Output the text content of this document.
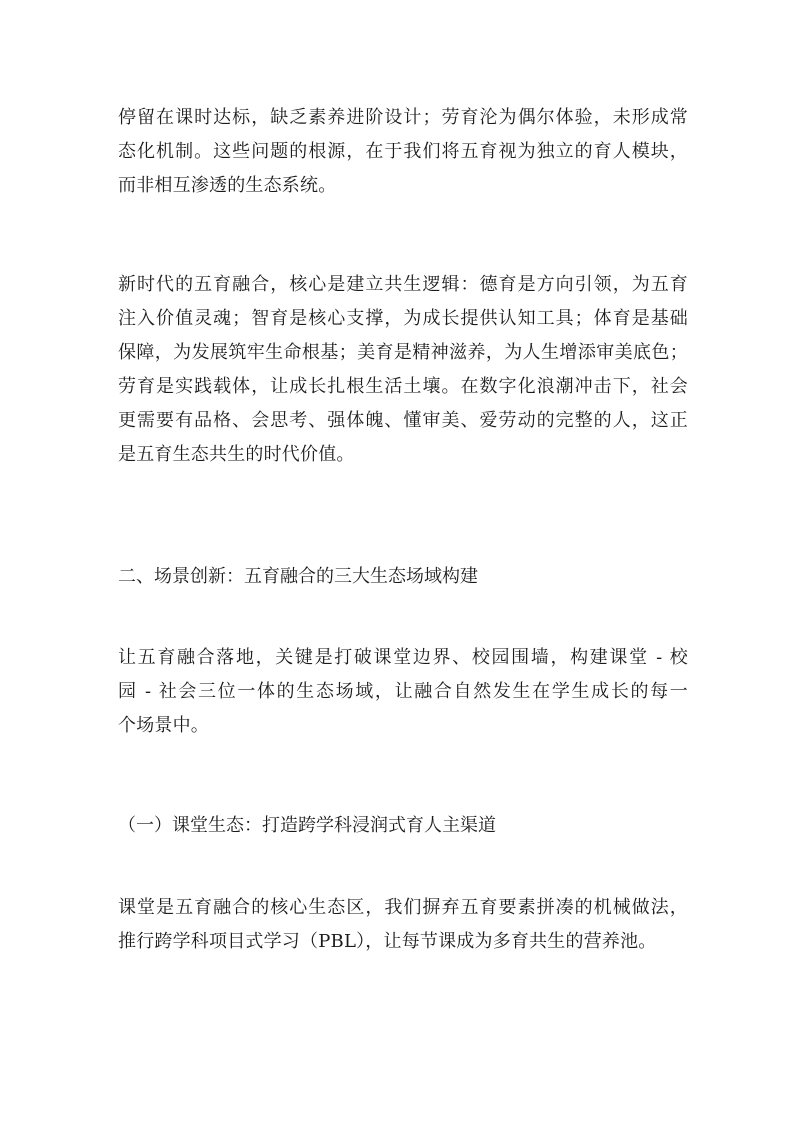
停留在课时达标，缺乏素养进阶设计；劳育沦为偶尔体验，未形成常
态化机制。这些问题的根源，在于我们将五育视为独立的育人模块，
而非相互渗透的生态系统。

新时代的五育融合，核心是建立共生逻辑：德育是方向引领，为五育
注入价值灵魂；智育是核心支撑，为成长提供认知工具；体育是基础
保障，为发展筑牢生命根基；美育是精神滋养，为人生增添审美底色；
劳育是实践载体，让成长扎根生活土壤。在数字化浪潮冲击下，社会
更需要有品格、会思考、强体魄、懂审美、爱劳动的完整的人，这正
是五育生态共生的时代价值。

二、场景创新：五育融合的三大生态场域构建

让五育融合落地，关键是打破课堂边界、校园围墙，构建课堂 - 校
园 - 社会三位一体的生态场域，让融合自然发生在学生成长的每一
个场景中。

（一）课堂生态：打造跨学科浸润式育人主渠道

课堂是五育融合的核心生态区，我们摒弃五育要素拼凑的机械做法，
推行跨学科项目式学习（PBL），让每节课成为多育共生的营养池。
